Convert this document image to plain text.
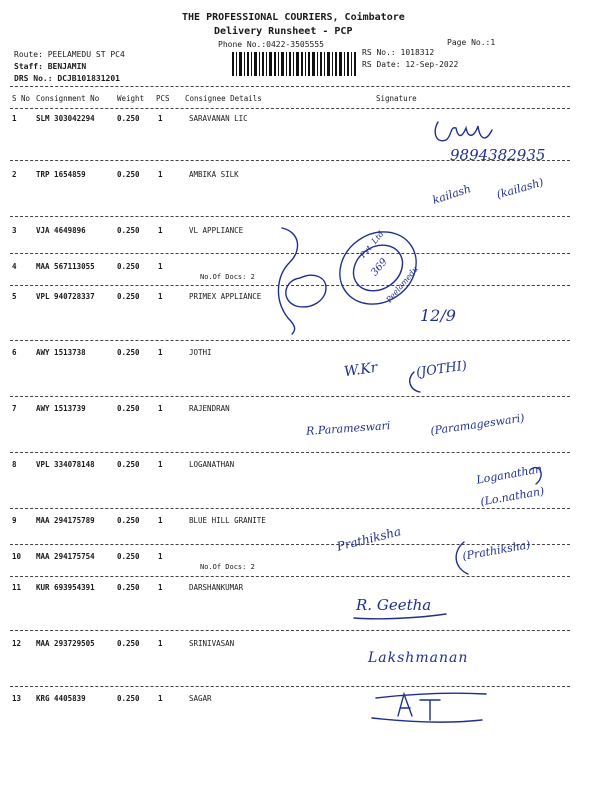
THE PROFESSIONAL COURIERS, Coimbatore
Delivery Runsheet - PCP
Phone No.:0422-3505555	Page No.:1
Route: PEELAMEDU ST PC4
Staff: BENJAMIN
DRS No.: DCJB101831201
RS No.: 1018312
RS Date: 12-Sep-2022
S No Consignment No Weight PCS Consignee Details	Signature
1	SLM 303042294	0.250 1	SARAVANAN LIC
2	TRP 1654859	0.250 1	AMBIKA SILK
3	VJA 4649896	0.250 1	VL APPLIANCE
4	MAA 567113055	0.250 1
No.Of Docs: 2
5	VPL 940728337	0.250 1	PRIMEX APPLIANCE
6	AWY 1513738	0.250 1	JOTHI
7	AWY 1513739	0.250 1	RAJENDRAN
8	VPL 334078148	0.250 1	LOGANATHAN
9	MAA 294175789	0.250 1	BLUE HILL GRANITE
10 MAA 294175754	0.250 1
No.Of Docs: 2
11 KUR 693954391	0.250 1	DARSHANKUMAR
12 MAA 293729505	0.250 1	SRINIVASAN
13 KRG 4405839	0.250 1	SAGAR
9894382935
kailash (kailash)
Pvt. Ltd
369
Peelamedu
12/9
W.Kr	(JOTHI)
R.Parameswari	(Paramageswari)
Loganathan
(Lo.nathan)
Prathiksha	(Prathiksha)
R. Geetha
Lakshmanan
